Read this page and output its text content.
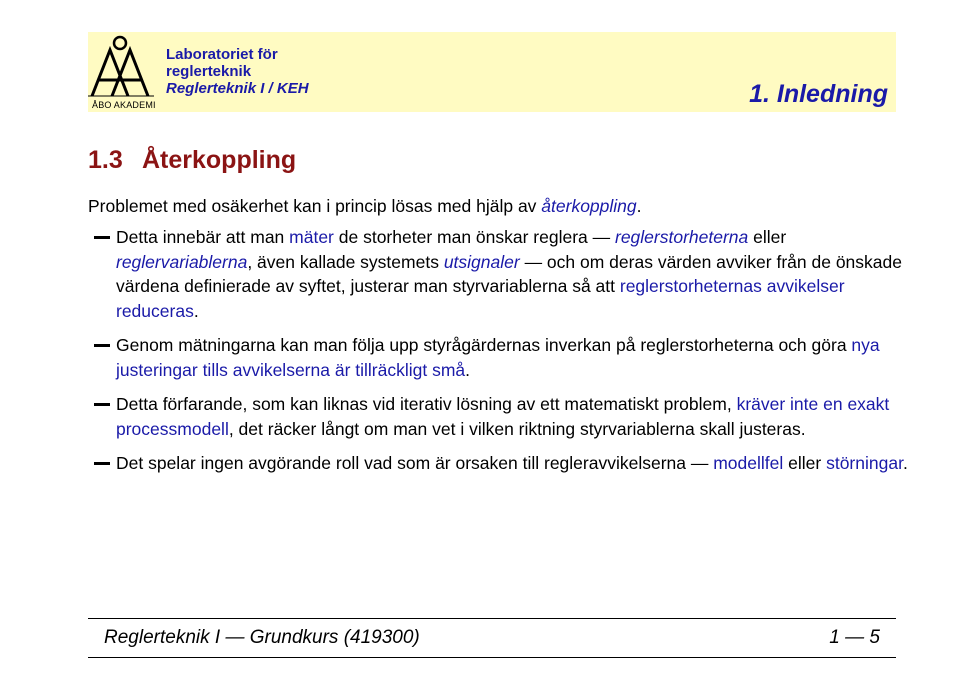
ÅBO AKADEMI
Laboratoriet för
reglerteknik
Reglerteknik I / KEH	1. Inledning
1.3 Återkoppling
Problemet med osäkerhet kan i princip lösas med hjälp av återkoppling.
Detta innebär att man mäter de storheter man önskar reglera — reglerstorheterna eller reglervariablerna, även kallade systemets utsignaler — och om deras värden avviker från de önskade värdena definierade av syftet, justerar man styrvariablerna så att reglerstorheternas avvikelser reduceras.
Genom mätningarna kan man följa upp styrågärdernas inverkan på reglerstorheterna och göra nya justeringar tills avvikelserna är tillräckligt små.
Detta förfarande, som kan liknas vid iterativ lösning av ett matematiskt problem, kräver inte en exakt processmodell, det räcker långt om man vet i vilken riktning styrvariablerna skall justeras.
Det spelar ingen avgörande roll vad som är orsaken till regleravvikelserna — modellfel eller störningar.
Reglerteknik I — Grundkurs (419300)	1 — 5
